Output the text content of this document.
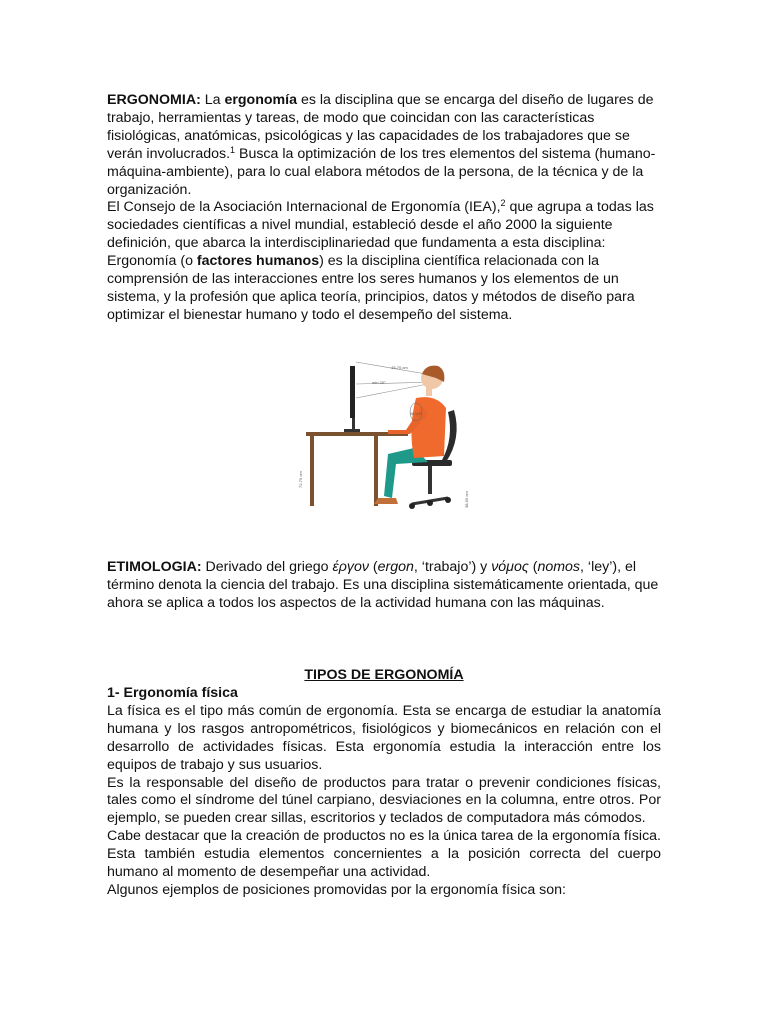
ERGONOMIA: La ergonomía es la disciplina que se encarga del diseño de lugares de trabajo, herramientas y tareas, de modo que coincidan con las características fisiológicas, anatómicas, psicológicas y las capacidades de los trabajadores que se verán involucrados.$^1$ Busca la optimización de los tres elementos del sistema (humano-máquina-ambiente), para lo cual elabora métodos de la persona, de la técnica y de la organización.

El Consejo de la Asociación Internacional de Ergonomía (IEA),$^2$ que agrupa a todas las sociedades científicas a nivel mundial, estableció desde el año 2000 la siguiente definición, que abarca la interdisciplinariedad que fundamenta a esta disciplina:

Ergonomía (o factores humanos) es la disciplina científica relacionada con la comprensión de las interacciones entre los seres humanos y los elementos de un sistema, y la profesión que aplica teoría, principios, datos y métodos de diseño para optimizar el bienestar humano y todo el desempeño del sistema.

45-70 cm
min 20°
72-75 cm
38-55 cm
90-110°

ETIMOLOGIA: Derivado del griego έργον (ergon, ‘trabajo’) y νόμος (nomos, ‘ley’), el término denota la ciencia del trabajo. Es una disciplina sistemáticamente orientada, que ahora se aplica a todos los aspectos de la actividad humana con las máquinas.

TIPOS DE ERGONOMÍA

1- Ergonomía física

La física es el tipo más común de ergonomía. Esta se encarga de estudiar la anatomía humana y los rasgos antropométricos, fisiológicos y biomecánicos en relación con el desarrollo de actividades físicas. Esta ergonomía estudia la interacción entre los equipos de trabajo y sus usuarios.

Es la responsable del diseño de productos para tratar o prevenir condiciones físicas, tales como el síndrome del túnel carpiano, desviaciones en la columna, entre otros. Por ejemplo, se pueden crear sillas, escritorios y teclados de computadora más cómodos.

Cabe destacar que la creación de productos no es la única tarea de la ergonomía física. Esta también estudia elementos concernientes a la posición correcta del cuerpo humano al momento de desempeñar una actividad.

Algunos ejemplos de posiciones promovidas por la ergonomía física son:
